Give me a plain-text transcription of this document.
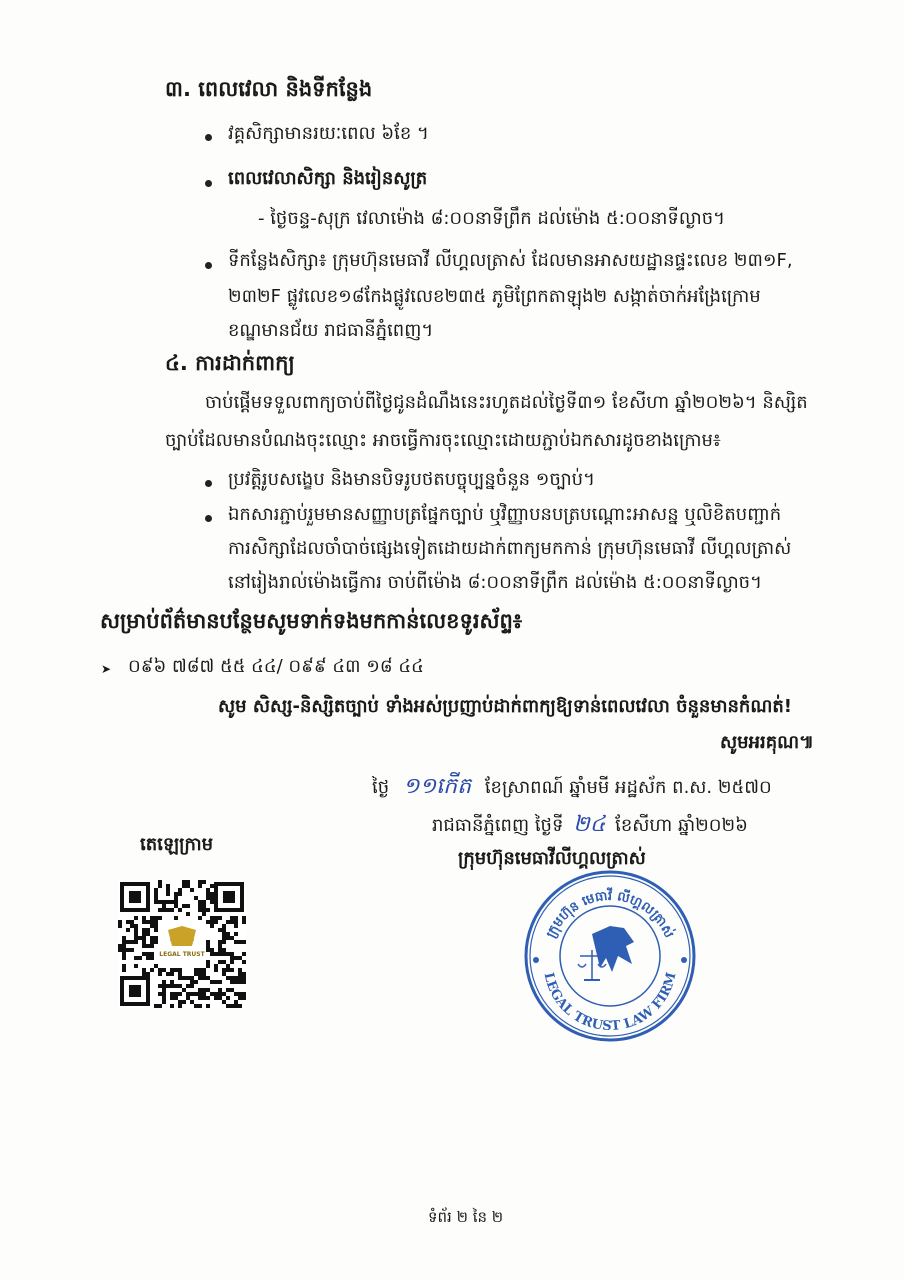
៣. ពេលវេលា និងទីកន្លែង
វគ្គសិក្សាមានរយៈពេល ៦ខែ ។
ពេលវេលាសិក្សា និងរៀនសូត្រ
- ថ្ងៃចន្ទ-សុក្រ វេលាម៉ោង ៨:០០នាទីព្រឹក ដល់ម៉ោង ៥:០០នាទីល្ងាច។
ទីកន្លែងសិក្សា៖ ក្រុមហ៊ុនមេធាវី លីហ្គលត្រាស់ ដែលមានអាសយដ្ឋានផ្ទះលេខ ២៣១F,
២៣២F ផ្លូវលេខ១៨កែងផ្លូវលេខ២៣៥ ភូមិព្រែកតាឡុង២ សង្កាត់ចាក់អង្រែក្រោម
ខណ្ឌមានជ័យ រាជធានីភ្នំពេញ។
៤. ការដាក់ពាក្យ
ចាប់ផ្ដើមទទួលពាក្យចាប់ពីថ្ងៃជូនដំណឹងនេះរហូតដល់ថ្ងៃទី៣១ ខែសីហា ឆ្នាំ២០២៦។ និស្សិត
ច្បាប់ដែលមានបំណងចុះឈ្មោះ អាចធ្វើការចុះឈ្មោះដោយភ្ជាប់ឯកសារដូចខាងក្រោម៖
ប្រវត្តិរូបសង្ខេប និងមានបិទរូបថតបច្ចុប្បន្នចំនួន ១ច្បាប់។
ឯកសារភ្ជាប់រួមមានសញ្ញាបត្រផ្នែកច្បាប់ ឬវិញ្ញាបនបត្របណ្ដោះអាសន្ន ឬលិខិតបញ្ជាក់
ការសិក្សាដែលចាំបាច់ផ្សេងទៀតដោយដាក់ពាក្យមកកាន់ ក្រុមហ៊ុនមេធាវី លីហ្គលត្រាស់
នៅរៀងរាល់ម៉ោងធ្វើការ ចាប់ពីម៉ោង ៨:០០នាទីព្រឹក ដល់ម៉ោង ៥:០០នាទីល្ងាច។
សម្រាប់ព័ត៌មានបន្ថែមសូមទាក់ទងមកកាន់លេខទូរស័ព្ទ៖
➤ ០៩៦ ៧៨៧ ៥៥ ៤៤/ ០៩៩ ៤៣ ១៨ ៤៤
សូម សិស្ស-និស្សិតច្បាប់ ទាំងអស់ប្រញាប់ដាក់ពាក្យឱ្យទាន់ពេលវេលា ចំនួនមានកំណត់!
សូមអរគុណ៕
ថ្ងៃ ១១កើត ខែស្រាពណ៍ ឆ្នាំមមី អដ្ឋស័ក ព.ស. ២៥៧០
រាជធានីភ្នំពេញ ថ្ងៃទី ២៤ ខែសីហា ឆ្នាំ២០២៦
ក្រុមហ៊ុនមេធាវីលីហ្គលត្រាស់
តេឡេក្រាម
LEGAL TRUST
ក្រុមហ៊ុន មេធាវី លីហ្គលត្រាស់
LEGAL TRUST LAW FIRM
ទំព័រ ២ នៃ ២
